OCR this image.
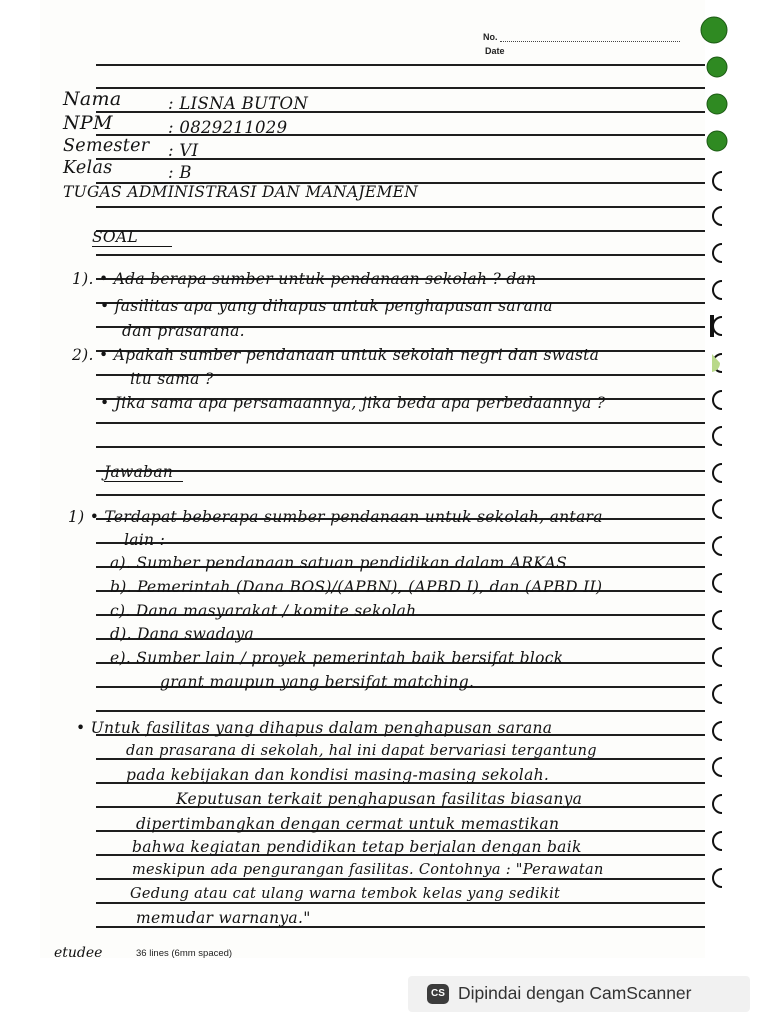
No.
Date
Nama	: LISNA BUTON
NPM	: 0829211029
Semester : VI
Kelas	: B
TUGAS ADMINISTRASI DAN MANAJEMEN
SOAL
1). • Ada berapa sumber untuk pendanaan sekolah ? dan
• fasilitas apa yang dihapus untuk penghapusan sarana
dan prasarana.
2). • Apakah sumber pendanaan untuk sekolah negri dan swasta
itu sama ?
• Jika sama apa persamaannya, jika beda apa perbedaannya ?
Jawaban
1) • Terdapat beberapa sumber pendanaan untuk sekolah, antara
lain :
a). Sumber pendanaan satuan pendidikan dalam ARKAS
b). Pemerintah (Dana BOS)/(APBN), (APBD I), dan (APBD II)
c). Dana masyarakat / komite sekolah
d). Dana swadaya
e). Sumber lain / proyek pemerintah baik bersifat block
grant maupun yang bersifat matching.
• Untuk fasilitas yang dihapus dalam penghapusan sarana
dan prasarana di sekolah, hal ini dapat bervariasi tergantung
pada kebijakan dan kondisi masing-masing sekolah.
Keputusan terkait penghapusan fasilitas biasanya
dipertimbangkan dengan cermat untuk memastikan
bahwa kegiatan pendidikan tetap berjalan dengan baik
meskipun ada pengurangan fasilitas. Contohnya : "Perawatan
Gedung atau cat ulang warna tembok kelas yang sedikit
memudar warnanya."
etudee	36 lines (6mm spaced)
CS Dipindai dengan CamScanner
